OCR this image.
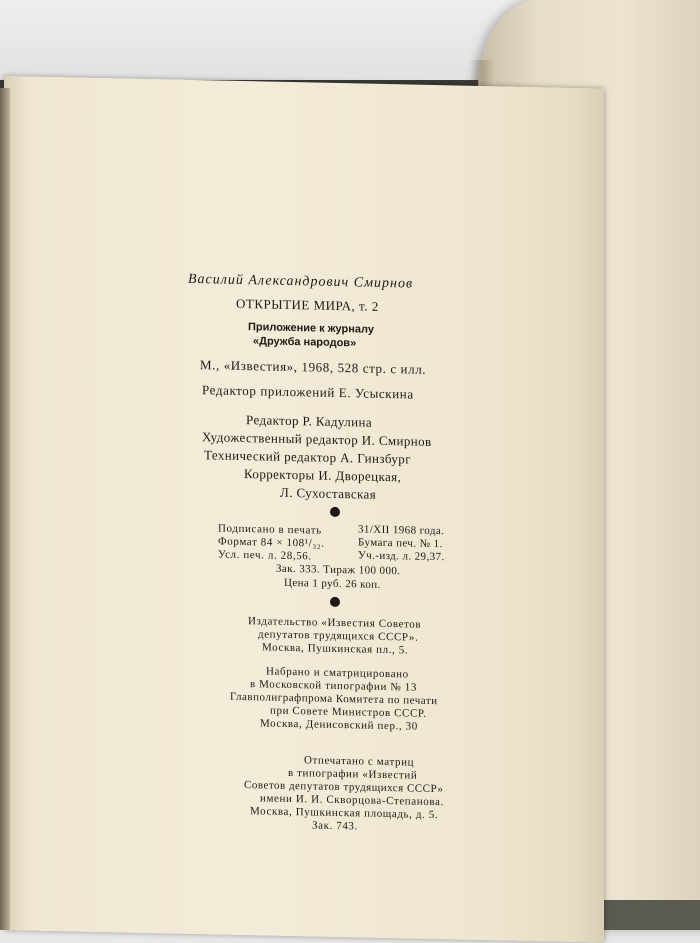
Василий Александрович Смирнов
ОТКРЫТИЕ МИРА, т. 2
Приложение к журналу
«Дружба народов»
М., «Известия», 1968, 528 стр. с илл.
Редактор приложений Е. Усыскина
Редактор Р. Кадулина
Художественный редактор И. Смирнов
Технический редактор А. Гинзбург
Корректоры И. Дворецкая,
Л. Сухоставская
Подписано в печать	31/XII 1968 года.
Формат 84 × 108¹/₃₂.	Бумага печ. № 1.
Усл. печ. л. 28,56.	Уч.-изд. л. 29,37.
Зак. 333. Тираж 100 000.
Цена 1 руб. 26 коп.
Издательство «Известия Советов
депутатов трудящихся СССР».
Москва, Пушкинская пл., 5.
Набрано и сматрицировано
в Московской типографии № 13
Главполиграфпрома Комитета по печати
при Совете Министров СССР.
Москва, Денисовский пер., 30
Отпечатано с матриц
в типографии «Известий
Советов депутатов трудящихся СССР»
имени И. И. Скворцова-Степанова.
Москва, Пушкинская площадь, д. 5.
Зак. 743.
